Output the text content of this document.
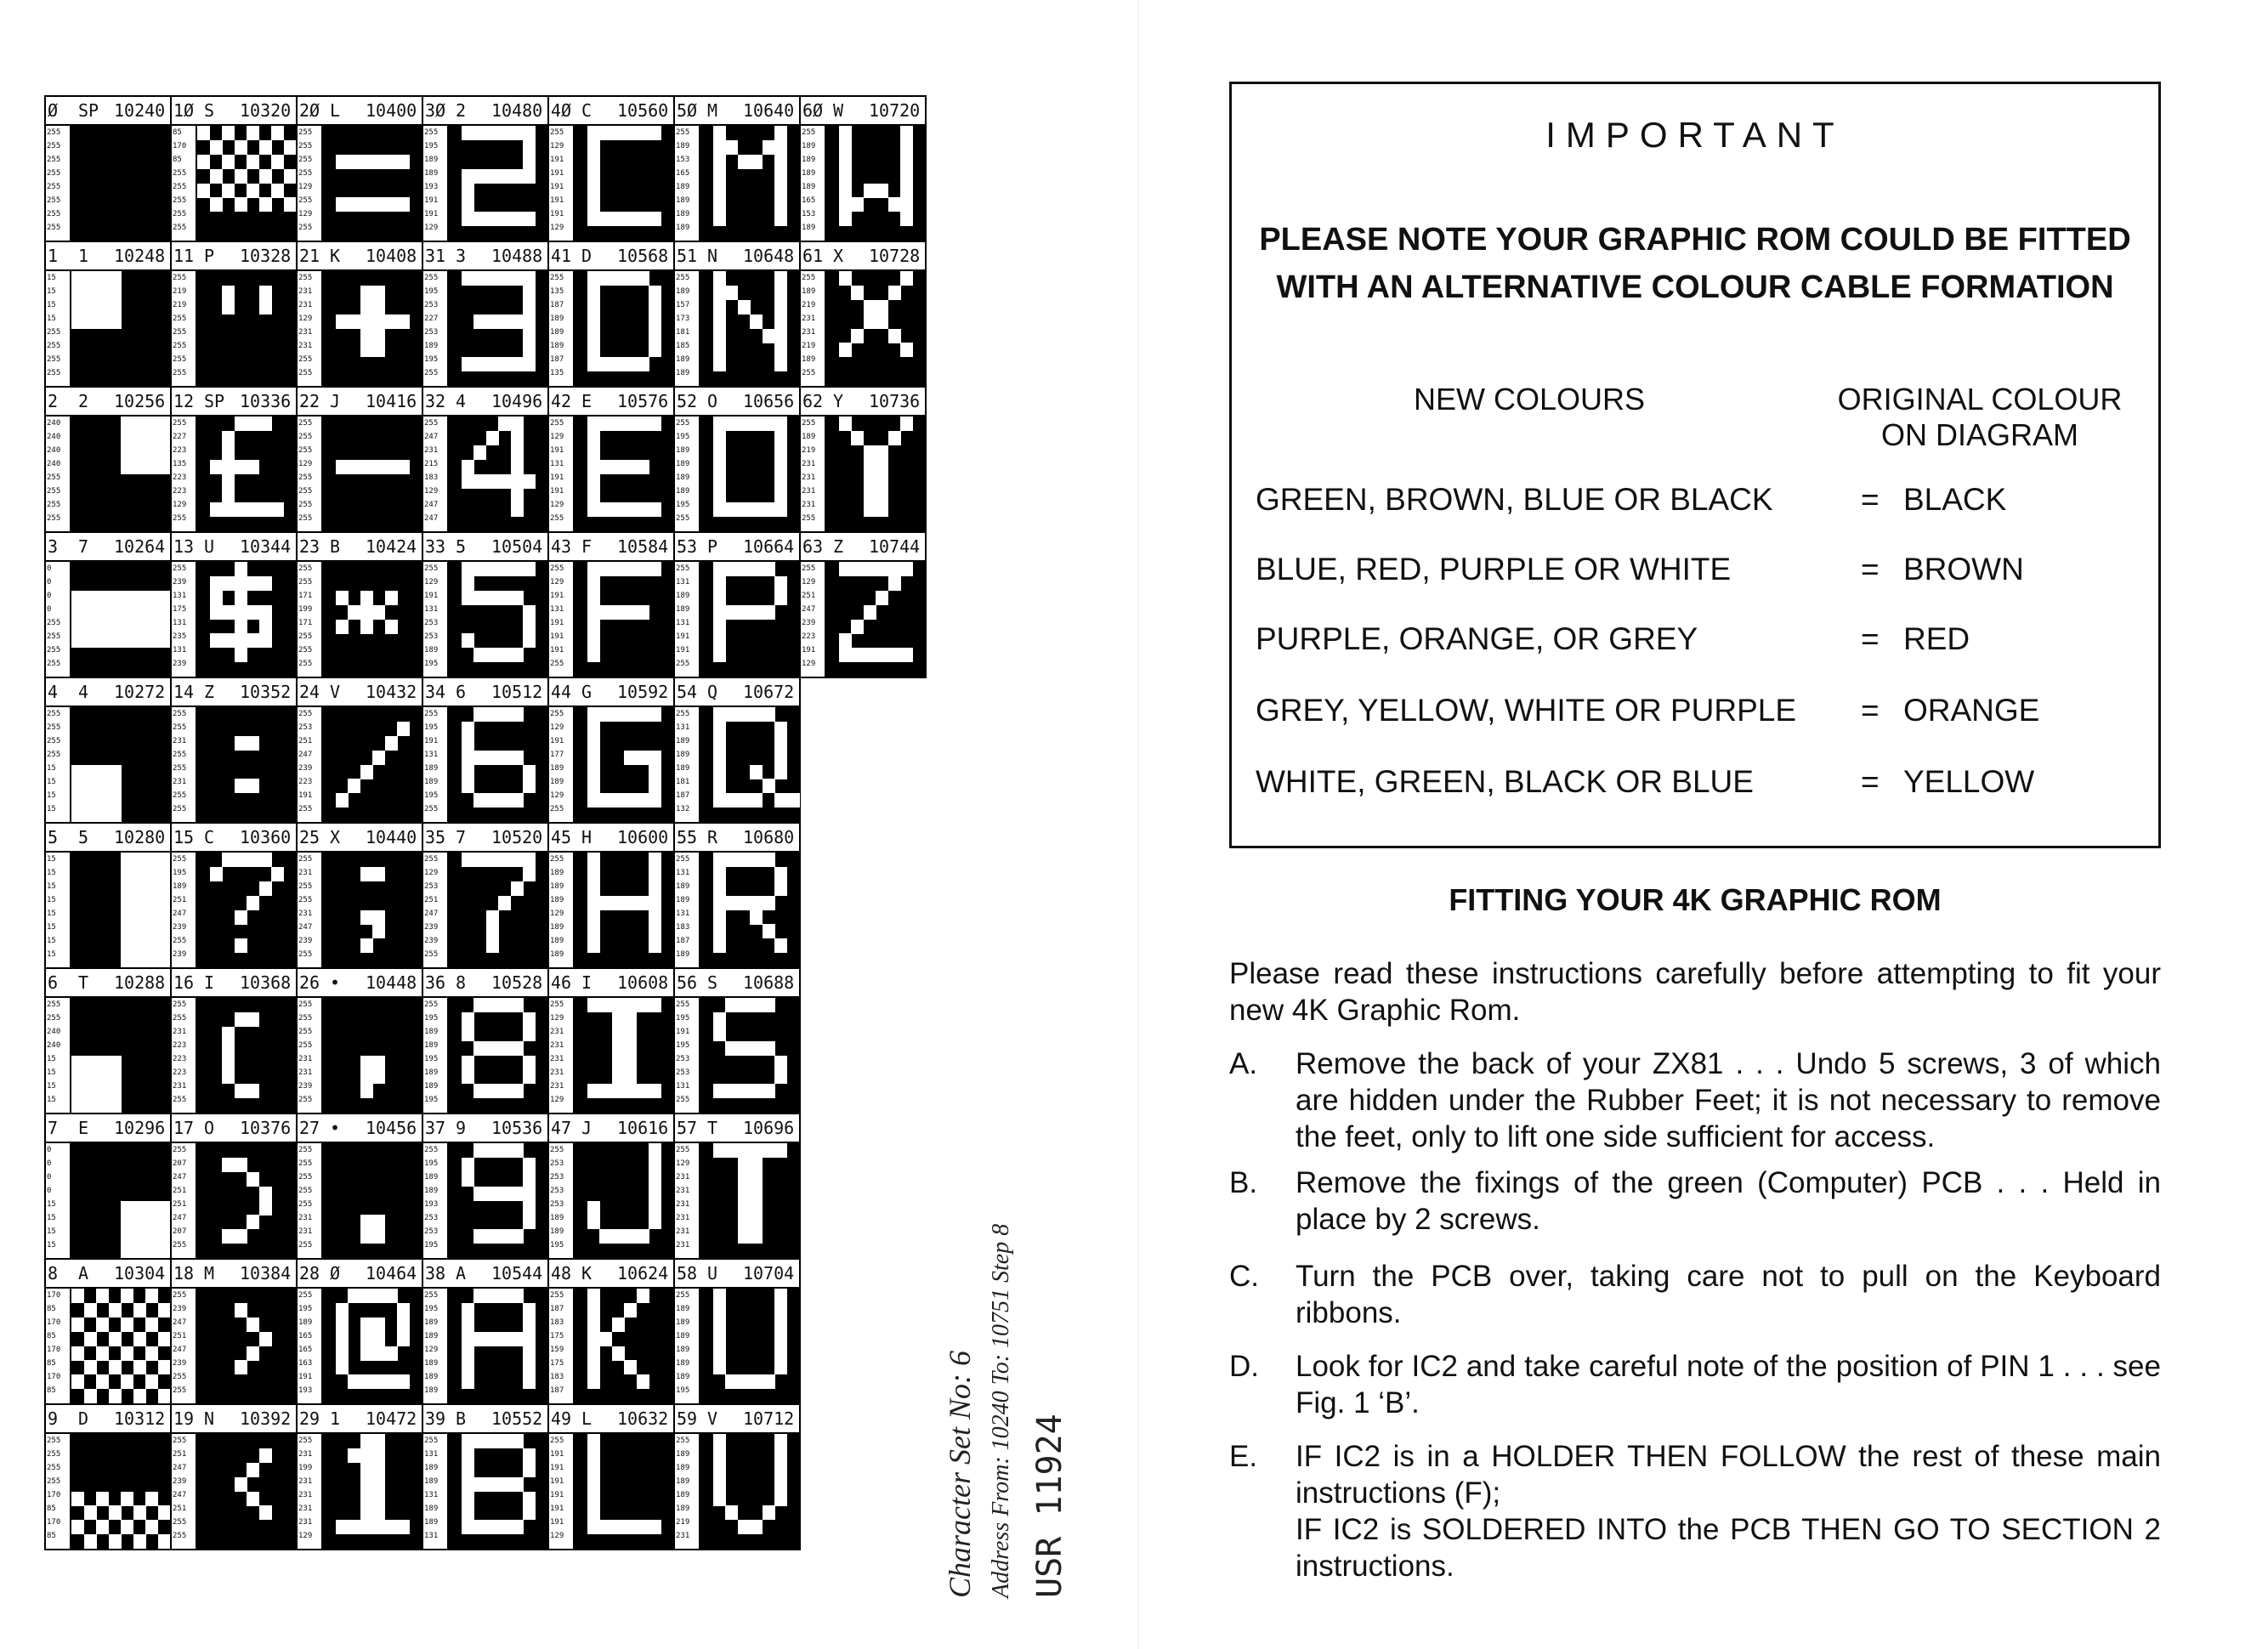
Ø SP 10240
255
255
255
255
255
255
255
255
1Ø S 10320
85
170
85
255
255
255
255
255
2Ø L 10400
255
255
255
255
129
255
129
255
3Ø 2 10480
255
195
189
189
193
191
191
129
4Ø C 10560
255
129
191
191
191
191
191
129
5Ø M 10640
255
189
153
165
189
189
189
189
6Ø W 10720
255
189
189
189
189
165
153
189
1 1 10248
15
15
15
15
255
255
255
255
11 P 10328
255
219
219
255
255
255
255
255
21 K 10408
255
231
231
129
231
231
255
255
31 3 10488
255
195
253
227
253
189
195
255
41 D 10568
255
135
187
189
189
189
187
135
51 N 10648
255
189
157
173
181
185
189
189
61 X 10728
255
189
219
231
231
219
189
255
2 2 10256
240
240
240
240
255
255
255
255
12 SP 10336
255
227
223
135
223
223
129
255
22 J 10416
255
255
255
129
255
255
255
255
32 4 10496
255
247
231
215
183
129
247
247
42 E 10576
255
129
191
131
191
191
129
255
52 O 10656
255
195
189
189
189
189
195
255
62 Y 10736
255
189
219
231
231
231
231
255
3 7 10264
0
0
0
0
255
255
255
255
13 U 10344
255
239
131
175
131
235
131
239
23 B 10424
255
255
171
199
171
255
255
255
33 5 10504
255
129
191
131
253
253
189
195
43 F 10584
255
129
191
131
191
191
191
255
53 P 10664
255
131
189
189
131
191
191
255
63 Z 10744
255
129
251
247
239
223
191
129
4 4 10272
255
255
255
255
15
15
15
15
14 Z 10352
255
255
231
255
255
231
255
255
24 V 10432
255
253
251
247
239
223
191
255
34 6 10512
255
195
191
131
189
189
195
255
44 G 10592
255
129
191
177
189
189
129
255
54 Q 10672
255
131
189
189
189
181
187
132
5 5 10280
15
15
15
15
15
15
15
15
15 C 10360
255
195
189
251
247
239
255
239
25 X 10440
255
231
255
255
231
247
239
255
35 7 10520
255
129
253
251
247
239
239
255
45 H 10600
255
189
189
189
129
189
189
189
55 R 10680
255
131
189
189
131
183
187
189
6 T 10288
255
255
240
240
15
15
15
15
16 I 10368
255
255
231
223
223
223
231
255
26 • 10448
255
255
255
255
231
231
239
255
36 8 10528
255
195
189
189
195
189
189
195
46 I 10608
255
129
231
231
231
231
231
129
56 S 10688
255
195
191
195
253
253
131
255
7 E 10296
0
0
0
0
15
15
15
15
17 O 10376
255
207
247
251
251
247
207
255
27 • 10456
255
255
255
255
255
231
231
255
37 9 10536
255
195
189
189
193
253
253
195
47 J 10616
255
253
253
253
253
189
189
195
57 T 10696
255
129
231
231
231
231
231
231
8 A 10304
170
85
170
85
170
85
170
85
18 M 10384
255
239
247
251
247
239
255
255
28 Ø 10464
255
195
189
165
165
163
191
193
38 A 10544
255
195
189
189
129
189
189
189
48 K 10624
255
187
183
175
159
175
183
187
58 U 10704
255
189
189
189
189
189
189
195
9 D 10312
255
255
255
255
170
85
170
85
19 N 10392
255
251
247
239
247
251
255
255
29 1 10472
255
231
199
231
231
231
231
129
39 B 10552
255
131
189
189
131
189
189
131
49 L 10632
255
191
191
191
191
191
191
129
59 V 10712
255
189
189
189
189
189
219
231	Character Set No: 6 Address From: 10240 To: 10751 Step 8 USR 11924
IMPORTANT
PLEASE NOTE YOUR GRAPHIC ROM COULD BE FITTED
WITH AN ALTERNATIVE COLOUR CABLE FORMATION
NEW COLOURS	ORIGINAL COLOUR
ON DIAGRAM
GREEN, BROWN, BLUE OR BLACK	= BLACK
BLUE, RED, PURPLE OR WHITE	= BROWN
PURPLE, ORANGE, OR GREY	= RED
GREY, YELLOW, WHITE OR PURPLE = ORANGE
WHITE, GREEN, BLACK OR BLUE	= YELLOW
FITTING YOUR 4K GRAPHIC ROM
Please read these instructions carefully before attempting to fit your new 4K Graphic Rom.
A. Remove the back of your ZX81 . . . Undo 5 screws, 3 of which are hidden under the Rubber Feet; it is not necessary to remove the feet, only to lift one side sufficient for access.
B. Remove the fixings of the green (Computer) PCB . . . Held in place by 2 screws.
C. Turn the PCB over, taking care not to pull on the Keyboard ribbons.
D. Look for IC2 and take careful note of the position of PIN 1 . . . see Fig. 1 ‘B’.
E. IF IC2 is in a HOLDER THEN FOLLOW the rest of these main instructions (F);
IF IC2 is SOLDERED INTO the PCB THEN GO TO SECTION 2 instructions.
